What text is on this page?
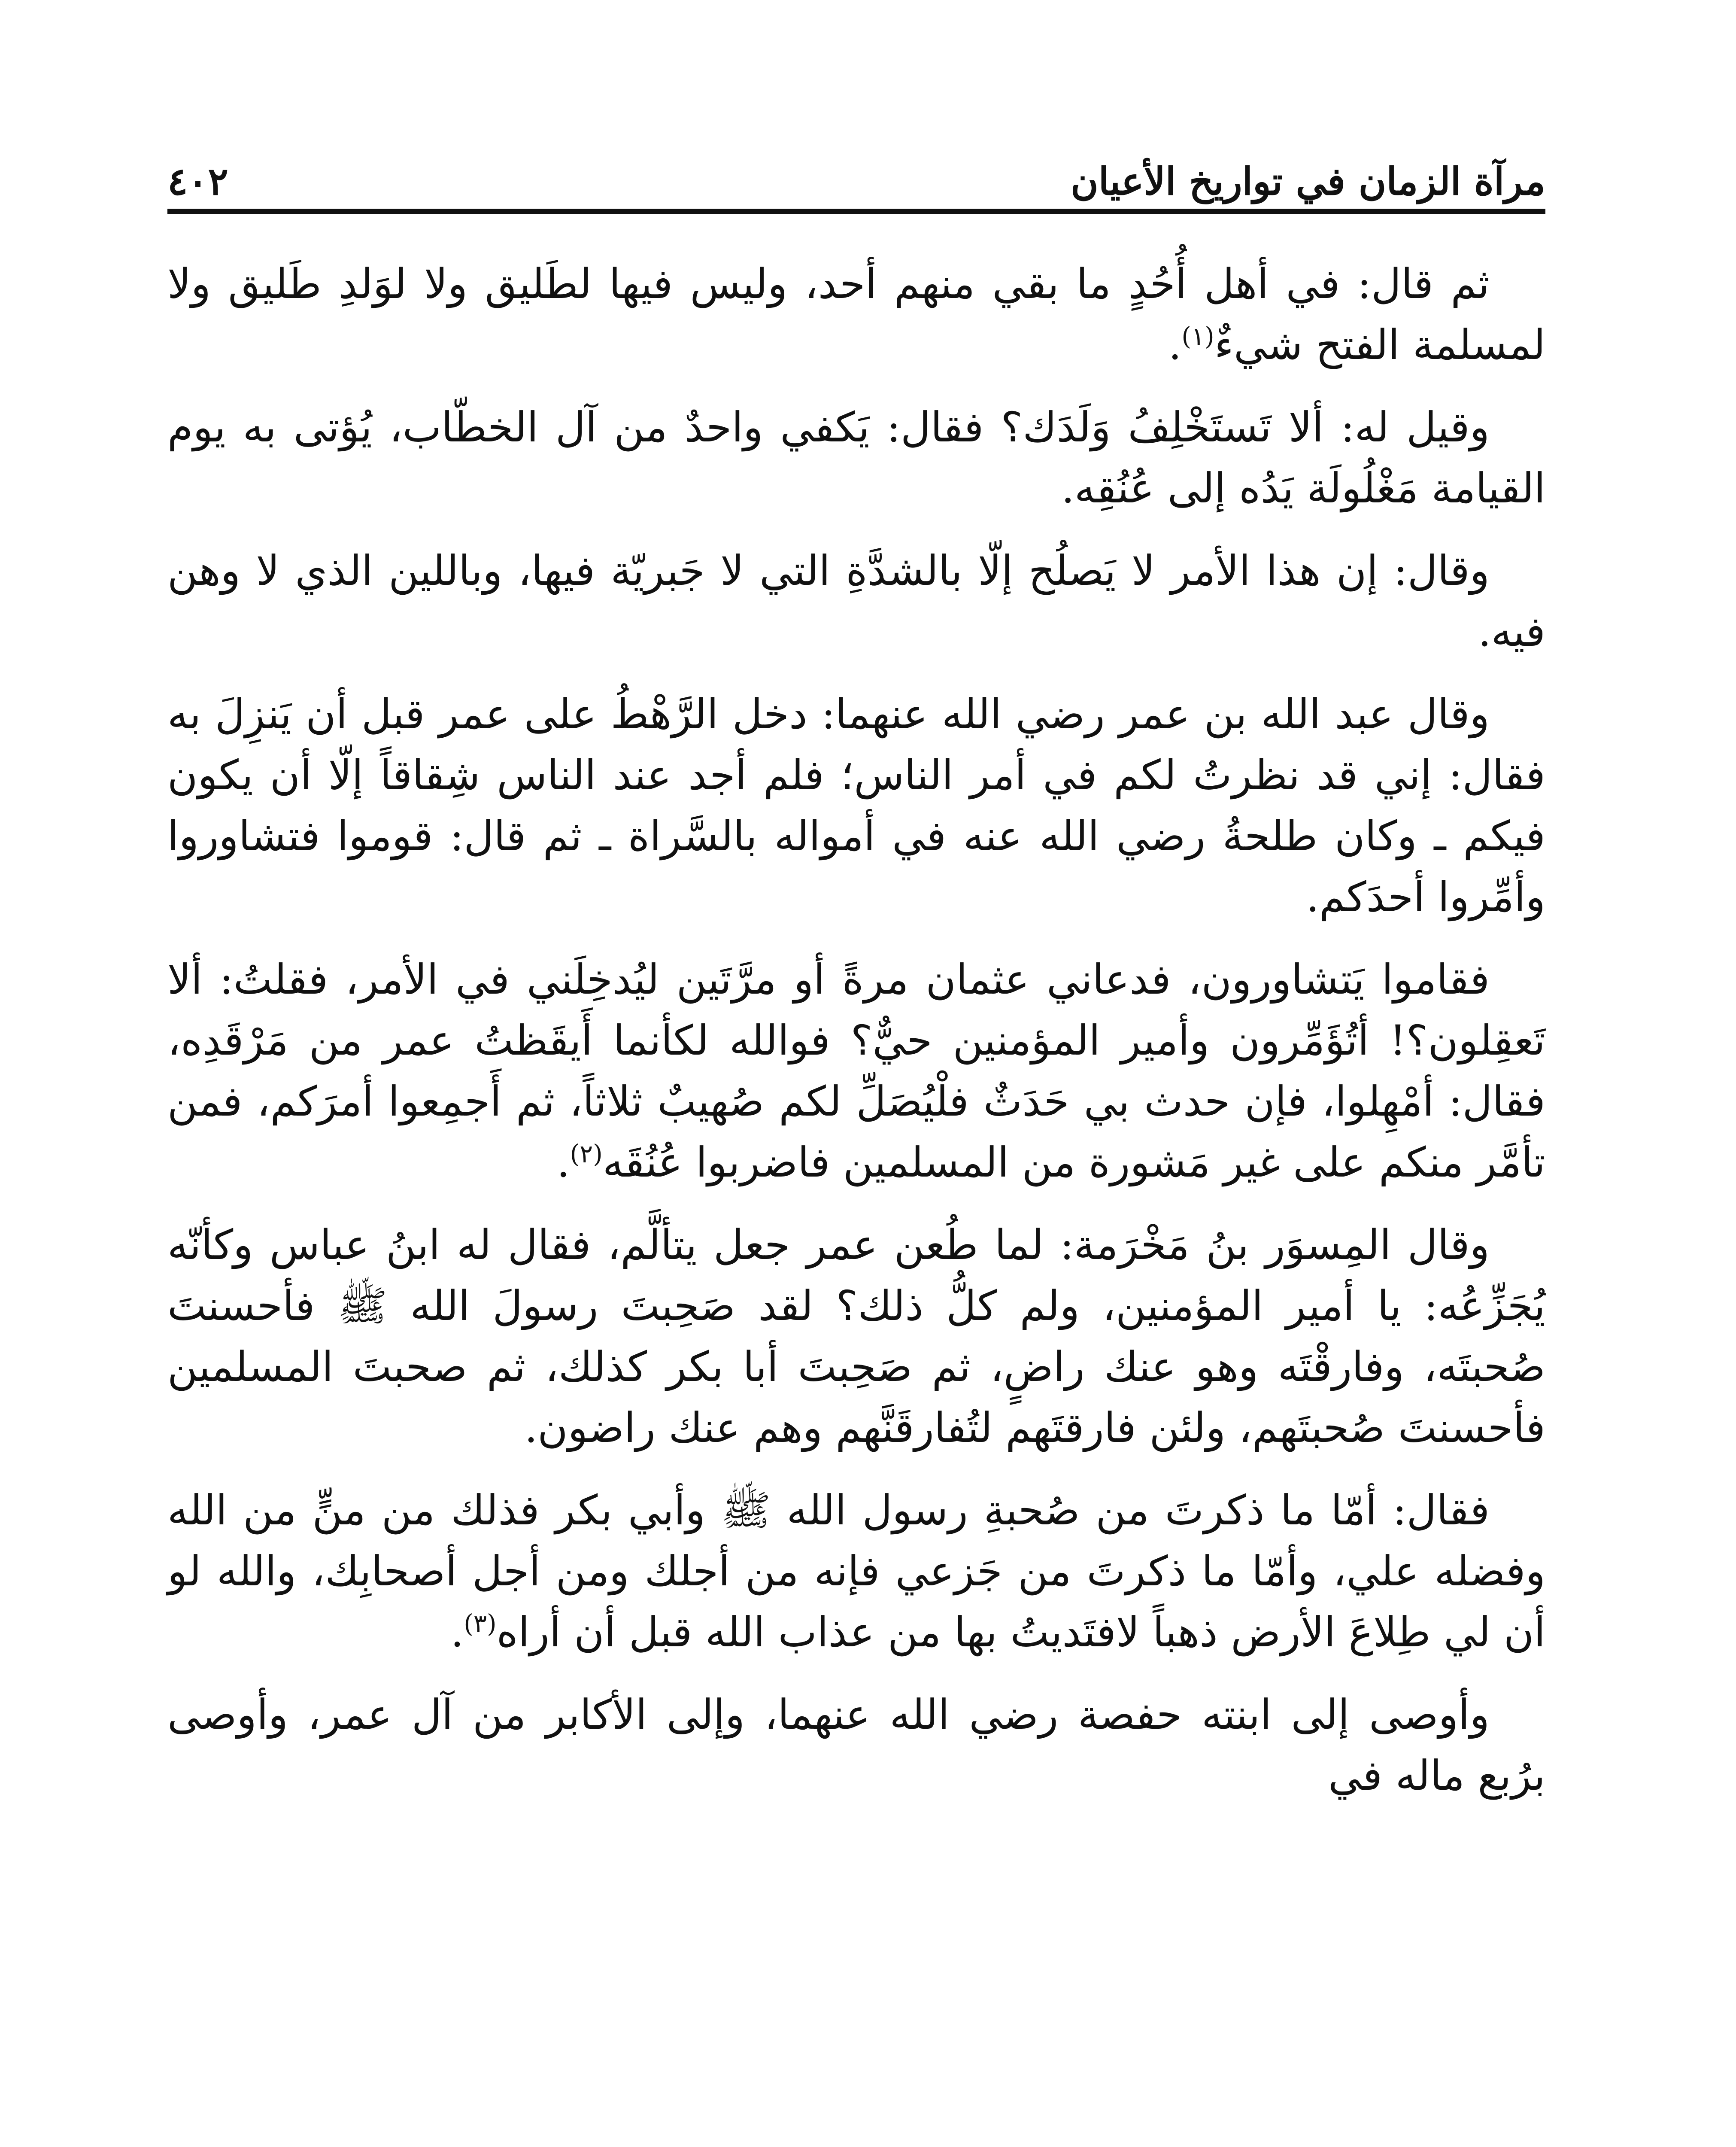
مرآة الزمان في تواريخ الأعيان
٤٠٢

ثم قال: في أهل أُحُدٍ ما بقي منهم أحد، وليس فيها لطَليق ولا لوَلدِ طَليق ولا لمسلمة الفتح شيءٌ$^{(١)}$.

وقيل له: ألا تَستَخْلِفُ وَلَدَك؟ فقال: يَكفي واحدٌ من آل الخطّاب، يُؤتى به يوم القيامة مَغْلُولَة يَدُه إلى عُنُقِه.

وقال: إن هذا الأمر لا يَصلُح إلّا بالشدَّةِ التي لا جَبريّة فيها، وباللين الذي لا وهن فيه.

وقال عبد الله بن عمر رضي الله عنهما: دخل الرَّهْطُ على عمر قبل أن يَنزِلَ به فقال: إني قد نظرتُ لكم في أمر الناس؛ فلم أجد عند الناس شِقاقاً إلّا أن يكون فيكم ـ وكان طلحةُ رضي الله عنه في أمواله بالسَّراة ـ ثم قال: قوموا فتشاوروا وأمِّروا أحدَكم.

فقاموا يَتشاورون، فدعاني عثمان مرةً أو مرَّتَين ليُدخِلَني في الأمر، فقلتُ: ألا تَعقِلون؟! أتُؤَمِّرون وأمير المؤمنين حيٌّ؟ فوالله لكأنما أَيقَظتُ عمر من مَرْقَدِه، فقال: أمْهِلوا، فإن حدث بي حَدَثٌ فلْيُصَلِّ لكم صُهيبٌ ثلاثاً، ثم أَجمِعوا أمرَكم، فمن تأمَّر منكم على غير مَشورة من المسلمين فاضربوا عُنُقَه$^{(٢)}$.

وقال المِسوَر بنُ مَخْرَمة: لما طُعن عمر جعل يتألَّم، فقال له ابنُ عباس وكأنّه يُجَزِّعُه: يا أمير المؤمنين، ولم كلُّ ذلك؟ لقد صَحِبتَ رسولَ الله ﷺ فأحسنتَ صُحبتَه، وفارقْتَه وهو عنك راضٍ، ثم صَحِبتَ أبا بكر كذلك، ثم صحبتَ المسلمين فأحسنتَ صُحبتَهم، ولئن فارقتَهم لتُفارقَنَّهم وهم عنك راضون.

فقال: أمّا ما ذكرتَ من صُحبةِ رسول الله ﷺ وأبي بكر فذلك من منٍّ من الله وفضله علي، وأمّا ما ذكرتَ من جَزعي فإنه من أجلك ومن أجل أصحابِك، والله لو أن لي طِلاعَ الأرض ذهباً لافتَديتُ بها من عذاب الله قبل أن أراه$^{(٣)}$.

وأوصى إلى ابنته حفصة رضي الله عنهما، وإلى الأكابر من آل عمر، وأوصى برُبع ماله في
